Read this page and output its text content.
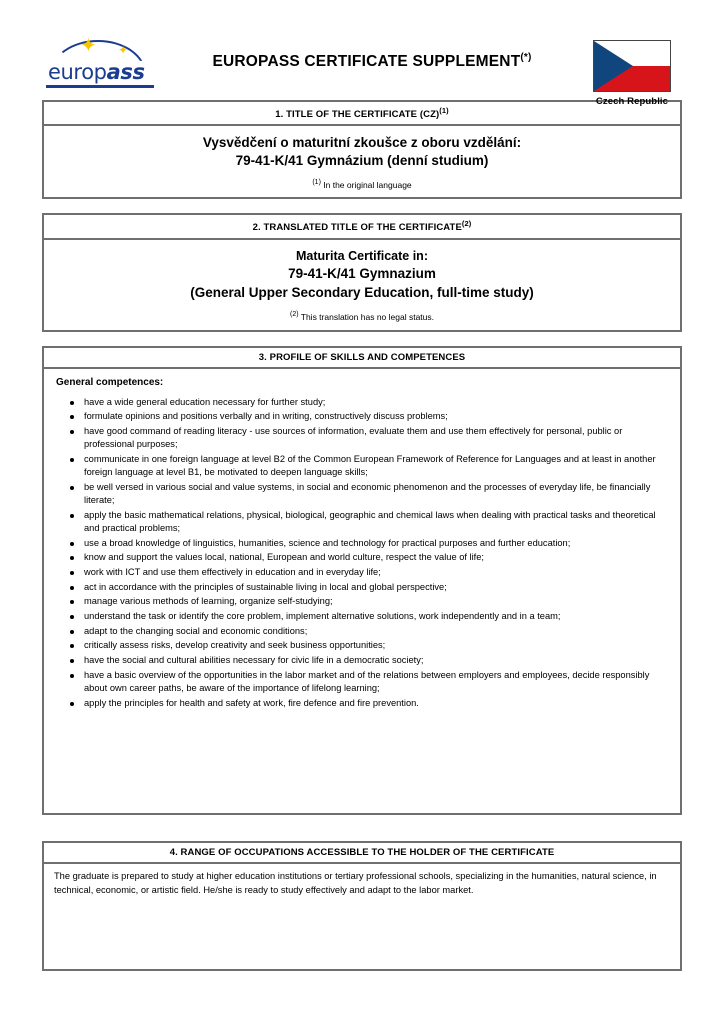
✦ ✦
europass	EUROPASS CERTIFICATE SUPPLEMENT(*)
Czech Republic
1. TITLE OF THE CERTIFICATE (CZ)$^{(1)}$
Vysvědčení o maturitní zkoušce z oboru vzdělání:
79-41-K/41 Gymnázium (denní studium)
$^{(1)}$ In the original language
2. TRANSLATED TITLE OF THE CERTIFICATE$^{(2)}$
Maturita Certificate in:
79-41-K/41 Gymnazium
(General Upper Secondary Education, full-time study)
$^{(2)}$ This translation has no legal status.
3. PROFILE OF SKILLS AND COMPETENCES
General competences:
have a wide general education necessary for further study;
formulate opinions and positions verbally and in writing, constructively discuss problems;
have good command of reading literacy - use sources of information, evaluate them and use them effectively for personal, public or professional purposes;
communicate in one foreign language at level B2 of the Common European Framework of Reference for Languages and at least in another foreign language at level B1, be motivated to deepen language skills;
be well versed in various social and value systems, in social and economic phenomenon and the processes of everyday life, be financially literate;
apply the basic mathematical relations, physical, biological, geographic and chemical laws when dealing with practical tasks and theoretical and practical problems;
use a broad knowledge of linguistics, humanities, science and technology for practical purposes and further education;
know and support the values local, national, European and world culture, respect the value of life;
work with ICT and use them effectively in education and in everyday life;
act in accordance with the principles of sustainable living in local and global perspective;
manage various methods of learning, organize self-studying;
understand the task or identify the core problem, implement alternative solutions, work independently and in a team;
adapt to the changing social and economic conditions;
critically assess risks, develop creativity and seek business opportunities;
have the social and cultural abilities necessary for civic life in a democratic society;
have a basic overview of the opportunities in the labor market and of the relations between employers and employees, decide responsibly about own career paths, be aware of the importance of lifelong learning;
apply the principles for health and safety at work, fire defence and fire prevention.
4. RANGE OF OCCUPATIONS ACCESSIBLE TO THE HOLDER OF THE CERTIFICATE
The graduate is prepared to study at higher education institutions or tertiary professional schools, specializing in the humanities, natural science, in technical, economic, or artistic field. He/she is ready to study effectively and adapt to the labor market.
